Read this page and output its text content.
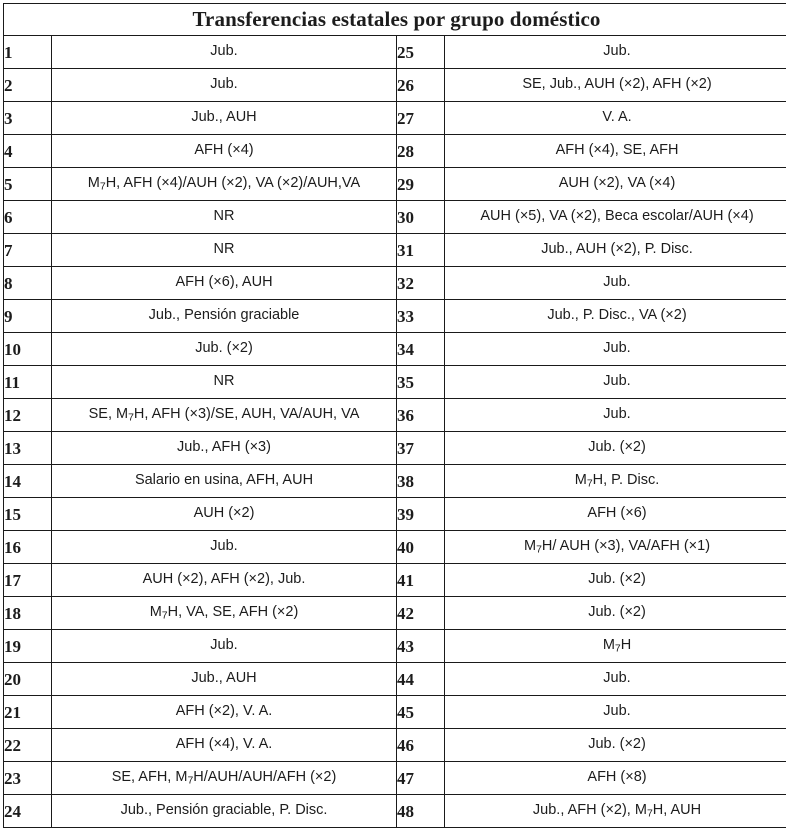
Transferencias estatales por grupo doméstico			
1	Jub.	25	Jub.
2	Jub.	26	SE, Jub., AUH (×2), AFH (×2)
3	Jub., AUH	27	V. A.
4	AFH (×4)	28	AFH (×4), SE, AFH
5	$M_7H$, AFH (×4)/AUH (×2), VA (×2)/AUH,VA	29	AUH (×2), VA (×4)
6	NR	30	AUH (×5), VA (×2), Beca escolar/AUH (×4)
7	NR	31	Jub., AUH (×2), P. Disc.
8	AFH (×6), AUH	32	Jub.
9	Jub., Pensión graciable	33	Jub., P. Disc., VA (×2)
10	Jub. (×2)	34	Jub.
11	NR	35	Jub.
12	SE, $M_7H$, AFH (×3)/SE, AUH, VA/AUH, VA	36	Jub.
13	Jub., AFH (×3)	37	Jub. (×2)
14	Salario en usina, AFH, AUH	38	$M_7H$, P. Disc.
15	AUH (×2)	39	AFH (×6)
16	Jub.	40	$M_7H/$ AUH (×3), VA/AFH (×1)
17	AUH (×2), AFH (×2), Jub.	41	Jub. (×2)
18	$M_7H$, VA, SE, AFH (×2)	42	Jub. (×2)
19	Jub.	43	$M_7H$
20	Jub., AUH	44	Jub.
21	AFH (×2), V. A.	45	Jub.
22	AFH (×4), V. A.	46	Jub. (×2)
23	SE, AFH, $M_7H/AUH/AUH$/AFH (×2)	47	AFH (×8)
24	Jub., Pensión graciable, P. Disc.	48	Jub., AFH (×2), $M_7H$, AUH
